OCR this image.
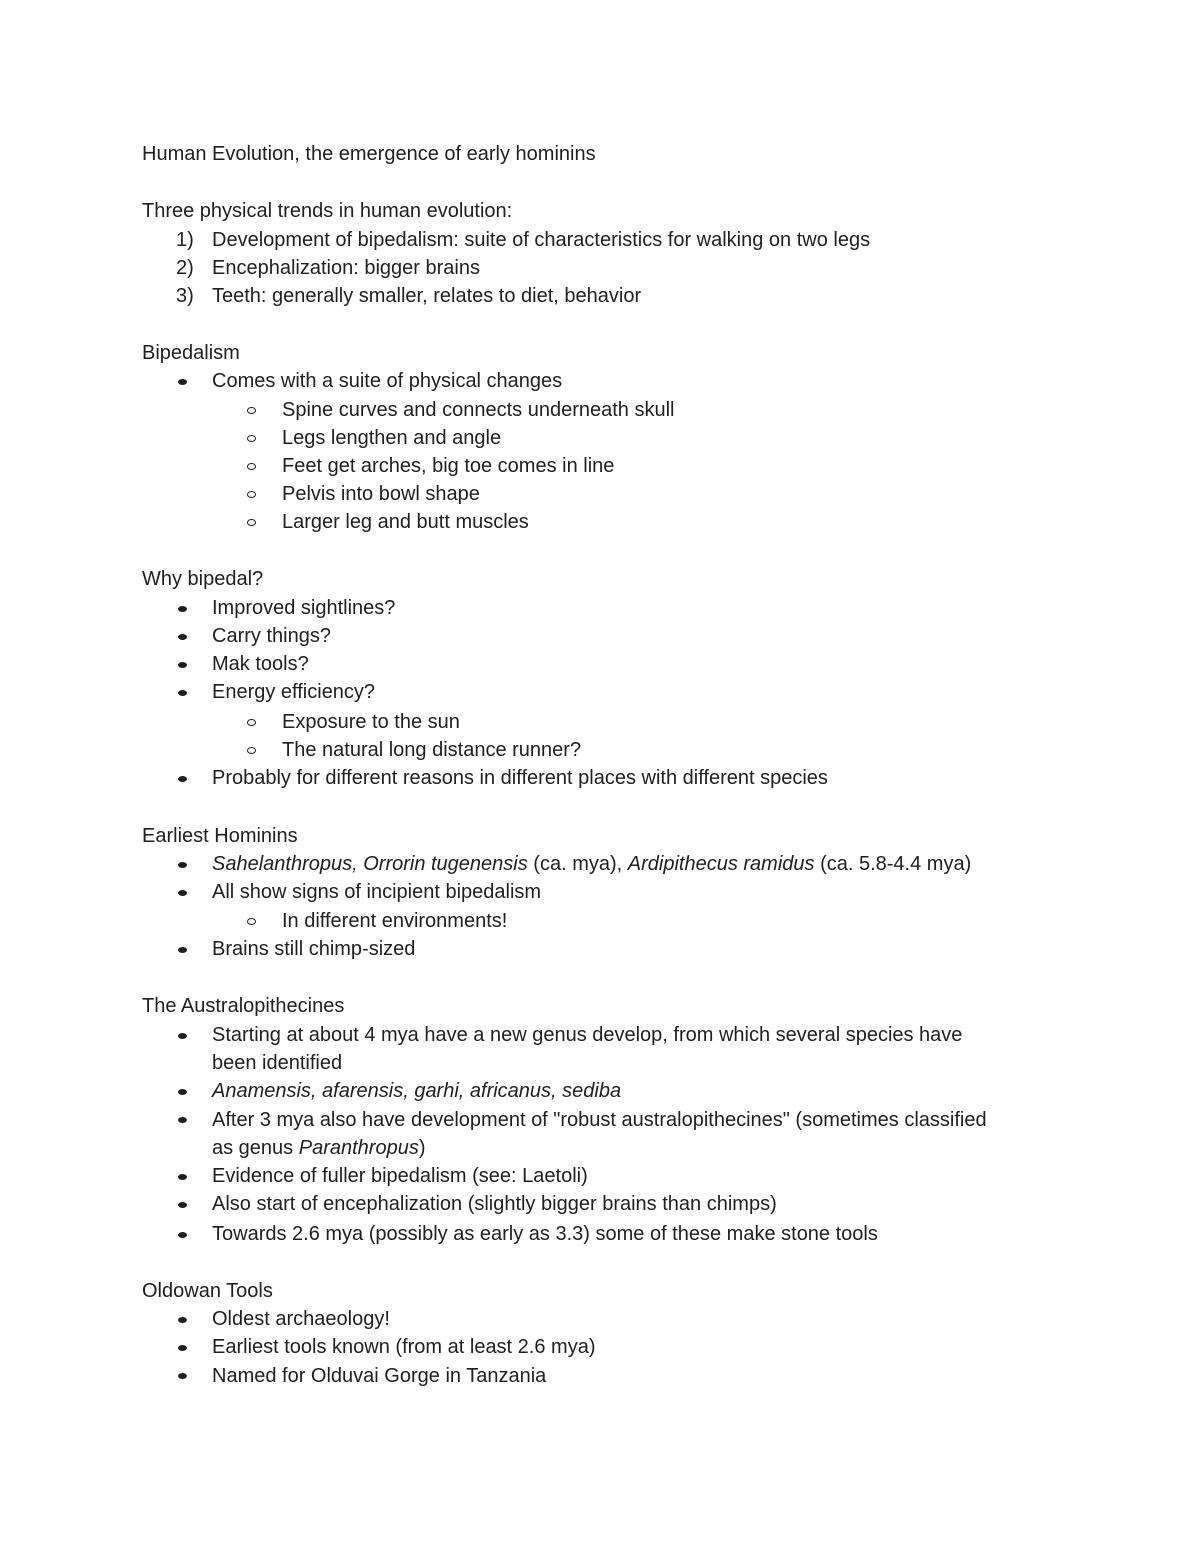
Human Evolution, the emergence of early hominins
Three physical trends in human evolution:
1) Development of bipedalism: suite of characteristics for walking on two legs
2) Encephalization: bigger brains
3) Teeth: generally smaller, relates to diet, behavior
Bipedalism
Comes with a suite of physical changes
Spine curves and connects underneath skull
Legs lengthen and angle
Feet get arches, big toe comes in line
Pelvis into bowl shape
Larger leg and butt muscles
Why bipedal?
Improved sightlines?
Carry things?
Mak tools?
Energy efficiency?
Exposure to the sun
The natural long distance runner?
Probably for different reasons in different places with different species
Earliest Hominins
Sahelanthropus, Orrorin tugenensis (ca. mya), Ardipithecus ramidus (ca. 5.8-4.4 mya)
All show signs of incipient bipedalism
In different environments!
Brains still chimp-sized
The Australopithecines
Starting at about 4 mya have a new genus develop, from which several species have
been identified
Anamensis, afarensis, garhi, africanus, sediba
After 3 mya also have development of "robust australopithecines" (sometimes classified
as genus Paranthropus)
Evidence of fuller bipedalism (see: Laetoli)
Also start of encephalization (slightly bigger brains than chimps)
Towards 2.6 mya (possibly as early as 3.3) some of these make stone tools
Oldowan Tools
Oldest archaeology!
Earliest tools known (from at least 2.6 mya)
Named for Olduvai Gorge in Tanzania
